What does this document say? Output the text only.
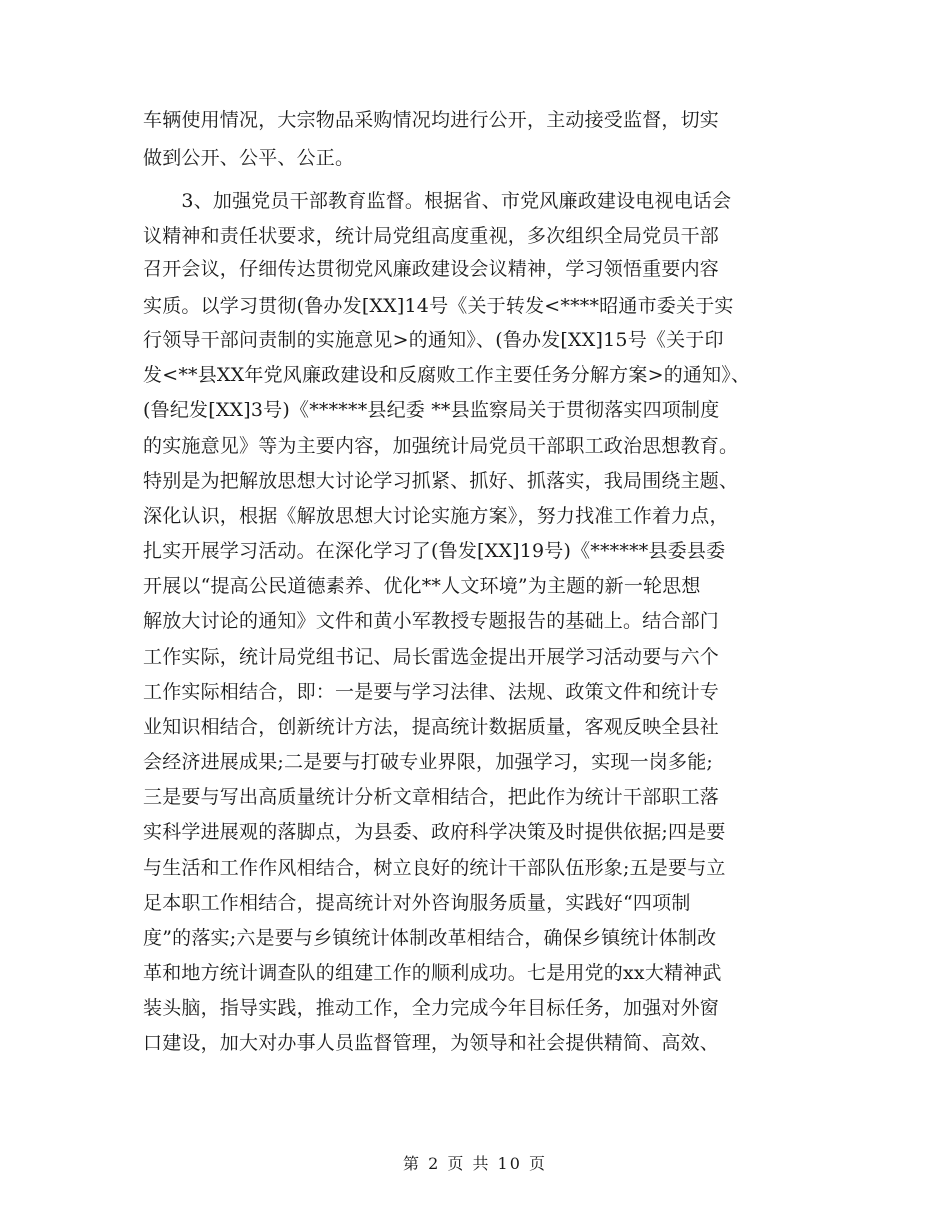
车辆使用情况，大宗物品采购情况均进行公开，主动接受监督，切实
做到公开、公平、公正。
　　3、加强党员干部教育监督。根据省、市党风廉政建设电视电话会
议精神和责任状要求，统计局党组高度重视，多次组织全局党员干部
召开会议，仔细传达贯彻党风廉政建设会议精神，学习领悟重要内容
实质。以学习贯彻(鲁办发[XX]14号《关于转发<****昭通市委关于实
行领导干部问责制的实施意见>的通知》、(鲁办发[XX]15号《关于印
发<**县XX年党风廉政建设和反腐败工作主要任务分解方案>的通知》、
(鲁纪发[XX]3号)《******县纪委 **县监察局关于贯彻落实四项制度
的实施意见》等为主要内容，加强统计局党员干部职工政治思想教育。
特别是为把解放思想大讨论学习抓紧、抓好、抓落实，我局围绕主题、
深化认识，根据《解放思想大讨论实施方案》，努力找准工作着力点，
扎实开展学习活动。在深化学习了(鲁发[XX]19号)《******县委县委
开展以“提高公民道德素养、优化**人文环境”为主题的新一轮思想
解放大讨论的通知》文件和黄小军教授专题报告的基础上。结合部门
工作实际，统计局党组书记、局长雷选金提出开展学习活动要与六个
工作实际相结合，即：一是要与学习法律、法规、政策文件和统计专
业知识相结合，创新统计方法，提高统计数据质量，客观反映全县社
会经济进展成果;二是要与打破专业界限，加强学习，实现一岗多能;
三是要与写出高质量统计分析文章相结合，把此作为统计干部职工落
实科学进展观的落脚点，为县委、政府科学决策及时提供依据;四是要
与生活和工作作风相结合，树立良好的统计干部队伍形象;五是要与立
足本职工作相结合，提高统计对外咨询服务质量，实践好“四项制
度”的落实;六是要与乡镇统计体制改革相结合，确保乡镇统计体制改
革和地方统计调查队的组建工作的顺利成功。七是用党的xx大精神武
装头脑，指导实践，推动工作，全力完成今年目标任务，加强对外窗
口建设，加大对办事人员监督管理，为领导和社会提供精简、高效、
第 2 页 共 10 页
